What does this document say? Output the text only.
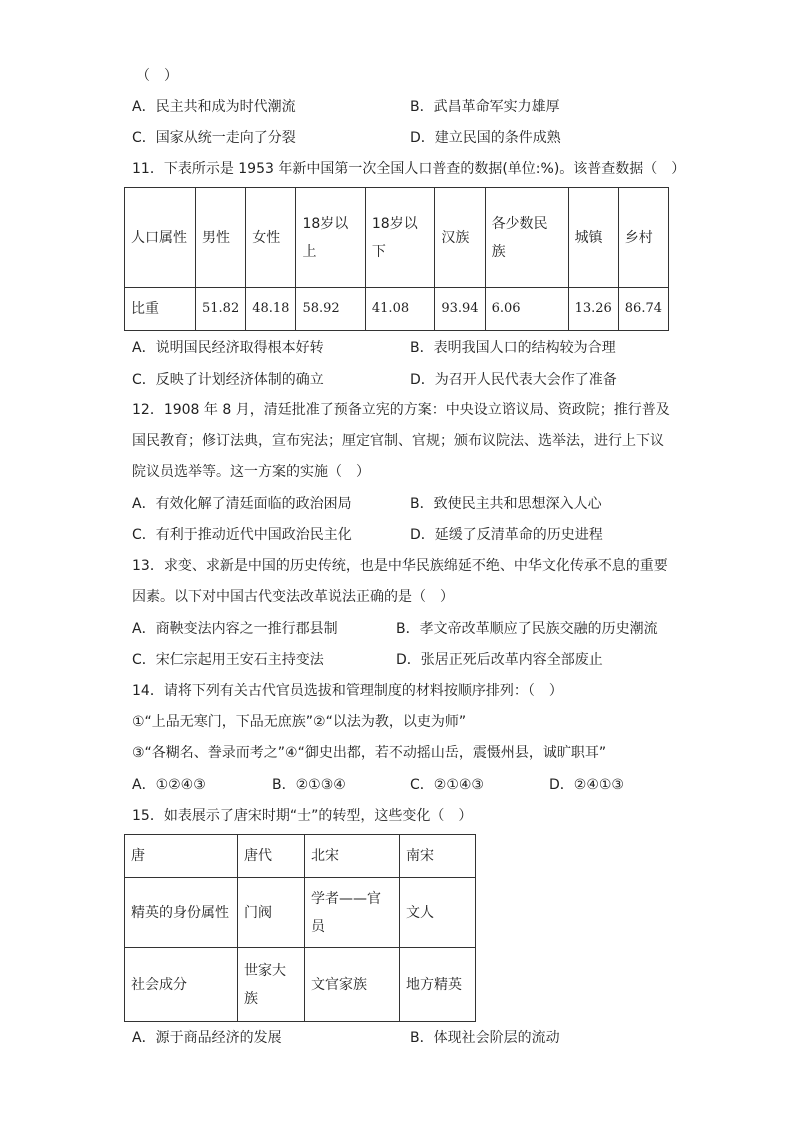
（　）
A．民主共和成为时代潮流	B．武昌革命军实力雄厚
C．国家从统一走向了分裂	D．建立民国的条件成熟
11．下表所示是 1953 年新中国第一次全国人口普查的数据(单位:%)。该普查数据（　）
人口属性	男性	女性	18岁以上	18岁以下	汉族	各少数民族	城镇	乡村
比重	51.82	48.18	58.92	41.08	93.94	6.06	13.26	86.74
A．说明国民经济取得根本好转	B．表明我国人口的结构较为合理
C．反映了计划经济体制的确立	D．为召开人民代表大会作了准备
12．1908 年 8 月，清廷批准了预备立宪的方案：中央设立谘议局、资政院；推行普及
国民教育；修订法典，宣布宪法；厘定官制、官规；颁布议院法、选举法，进行上下议
院议员选举等。这一方案的实施（　）
A．有效化解了清廷面临的政治困局	B．致使民主共和思想深入人心
C．有利于推动近代中国政治民主化	D．延缓了反清革命的历史进程
13．求变、求新是中国的历史传统，也是中华民族绵延不绝、中华文化传承不息的重要
因素。以下对中国古代变法改革说法正确的是（　）
A．商鞅变法内容之一推行郡县制	B．孝文帝改革顺应了民族交融的历史潮流
C．宋仁宗起用王安石主持变法	D．张居正死后改革内容全部废止
14．请将下列有关古代官员选拔和管理制度的材料按顺序排列：（　）
①“上品无寒门，下品无庶族”②“以法为教，以吏为师”
③“各糊名、誊录而考之”④“御史出都，若不动摇山岳，震慑州县，诚旷职耳”
A．①②④③	B．②①③④	C．②①④③	D．②④①③
15．如表展示了唐宋时期“士”的转型，这些变化（　）
唐	唐代	北宋	南宋
精英的身份属性	门阀	学者——官员	文人
社会成分	世家大族	文官家族	地方精英
A．源于商品经济的发展	B．体现社会阶层的流动
